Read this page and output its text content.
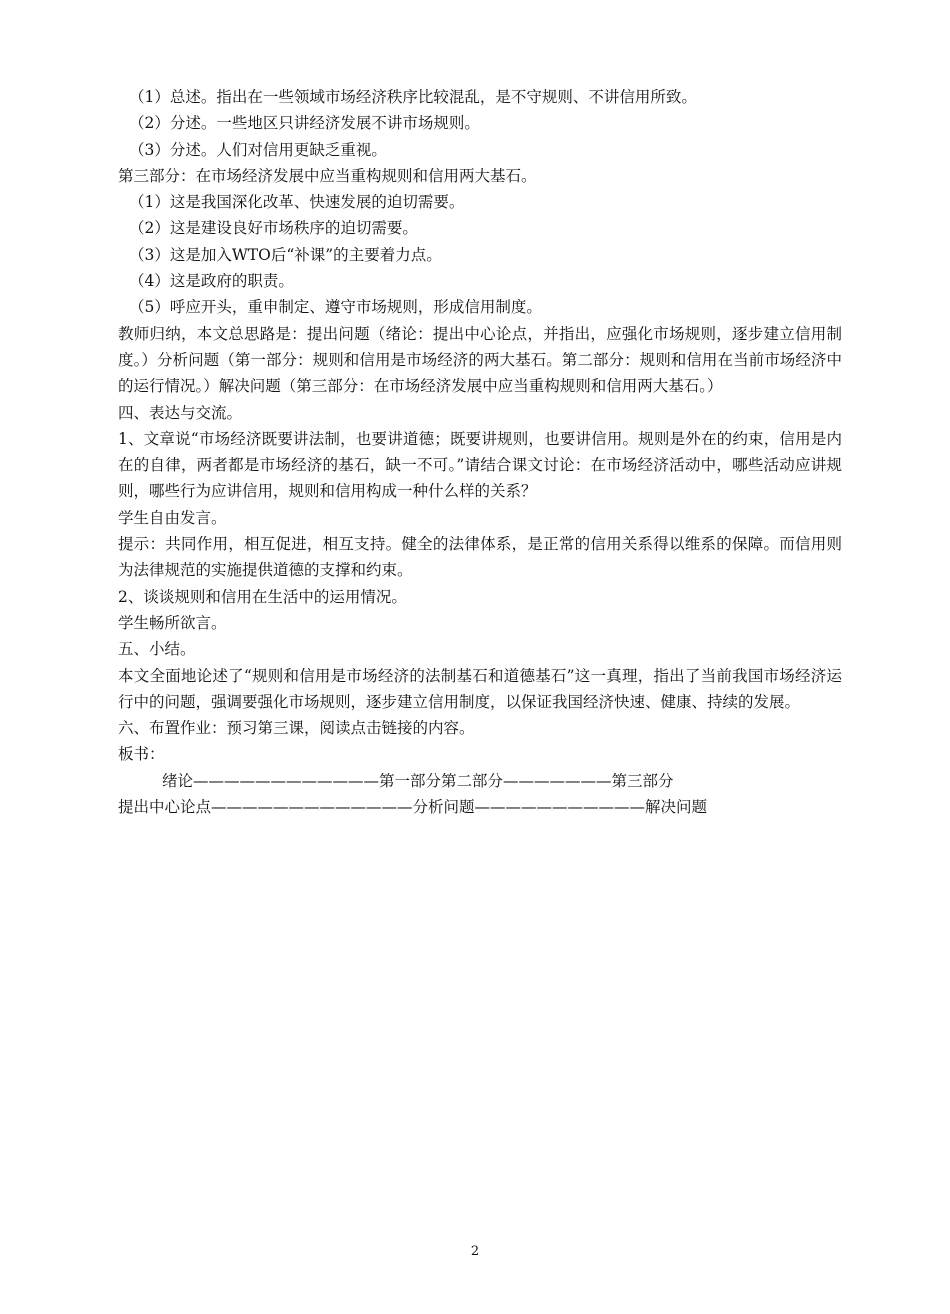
（1）总述。指出在一些领域市场经济秩序比较混乱，是不守规则、不讲信用所致。

（2）分述。一些地区只讲经济发展不讲市场规则。

（3）分述。人们对信用更缺乏重视。

第三部分：在市场经济发展中应当重构规则和信用两大基石。

（1）这是我国深化改革、快速发展的迫切需要。

（2）这是建设良好市场秩序的迫切需要。

（3）这是加入WTO后“补课”的主要着力点。

（4）这是政府的职责。

（5）呼应开头，重申制定、遵守市场规则，形成信用制度。

教师归纳，本文总思路是：提出问题（绪论：提出中心论点，并指出，应强化市场规则，逐步建立信用制度。）分析问题（第一部分：规则和信用是市场经济的两大基石。第二部分：规则和信用在当前市场经济中的运行情况。）解决问题（第三部分：在市场经济发展中应当重构规则和信用两大基石。）

四、表达与交流。

1、文章说“市场经济既要讲法制，也要讲道德；既要讲规则，也要讲信用。规则是外在的约束，信用是内在的自律，两者都是市场经济的基石，缺一不可。”请结合课文讨论：在市场经济活动中，哪些活动应讲规则，哪些行为应讲信用，规则和信用构成一种什么样的关系？

学生自由发言。

提示：共同作用，相互促进，相互支持。健全的法律体系，是正常的信用关系得以维系的保障。而信用则为法律规范的实施提供道德的支撑和约束。

2、谈谈规则和信用在生活中的运用情况。

学生畅所欲言。

五、小结。

本文全面地论述了“规则和信用是市场经济的法制基石和道德基石”这一真理，指出了当前我国市场经济运行中的问题，强调要强化市场规则，逐步建立信用制度，以保证我国经济快速、健康、持续的发展。

六、布置作业：预习第三课，阅读点击链接的内容。

板书：

绪论————————————第一部分第二部分———————第三部分

提出中心论点—————————————分析问题———————————解决问题

2
